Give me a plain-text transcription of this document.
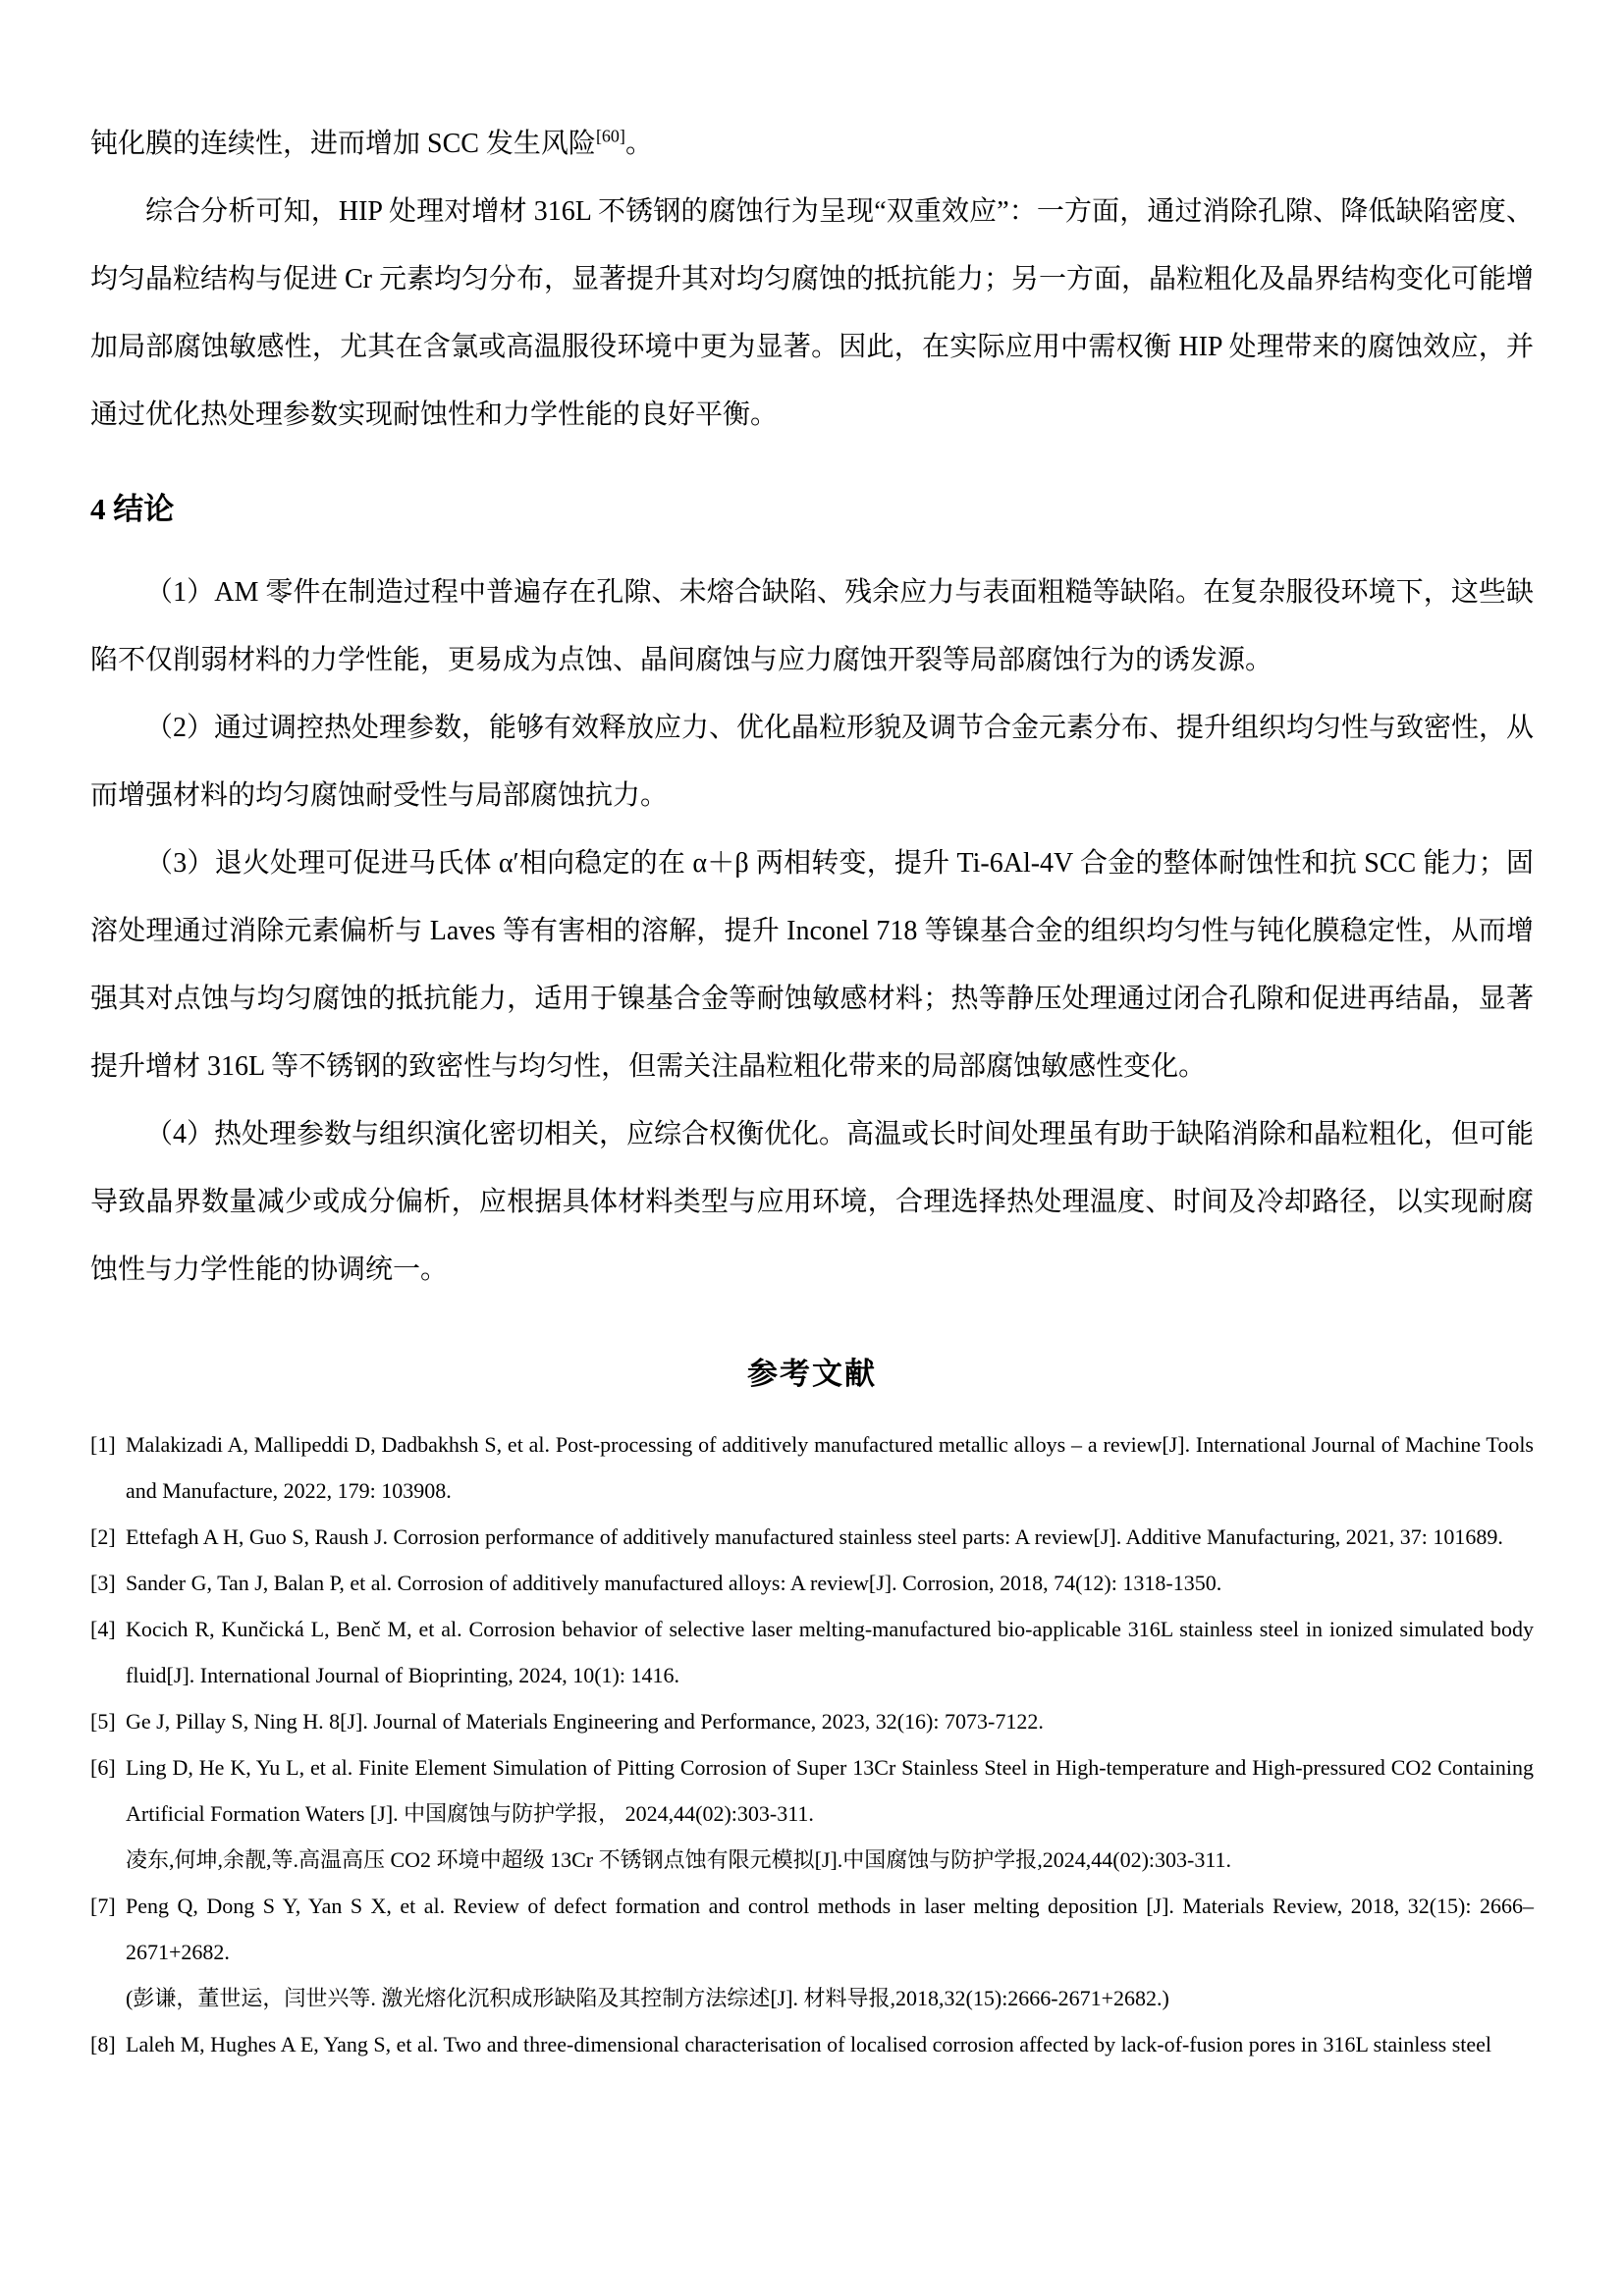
钝化膜的连续性，进而增加 SCC 发生风险[60]。

综合分析可知，HIP 处理对增材 316L 不锈钢的腐蚀行为呈现“双重效应”：一方面，通过消除孔隙、降低缺陷密度、均匀晶粒结构与促进 Cr 元素均匀分布，显著提升其对均匀腐蚀的抵抗能力；另一方面，晶粒粗化及晶界结构变化可能增加局部腐蚀敏感性，尤其在含氯或高温服役环境中更为显著。因此，在实际应用中需权衡 HIP 处理带来的腐蚀效应，并通过优化热处理参数实现耐蚀性和力学性能的良好平衡。

4 结论

（1）AM 零件在制造过程中普遍存在孔隙、未熔合缺陷、残余应力与表面粗糙等缺陷。在复杂服役环境下，这些缺陷不仅削弱材料的力学性能，更易成为点蚀、晶间腐蚀与应力腐蚀开裂等局部腐蚀行为的诱发源。

（2）通过调控热处理参数，能够有效释放应力、优化晶粒形貌及调节合金元素分布、提升组织均匀性与致密性，从而增强材料的均匀腐蚀耐受性与局部腐蚀抗力。

（3）退火处理可促进马氏体 α′相向稳定的在 α＋β 两相转变，提升 Ti-6Al-4V 合金的整体耐蚀性和抗 SCC 能力；固溶处理通过消除元素偏析与 Laves 等有害相的溶解，提升 Inconel 718 等镍基合金的组织均匀性与钝化膜稳定性，从而增强其对点蚀与均匀腐蚀的抵抗能力，适用于镍基合金等耐蚀敏感材料；热等静压处理通过闭合孔隙和促进再结晶，显著提升增材 316L 等不锈钢的致密性与均匀性，但需关注晶粒粗化带来的局部腐蚀敏感性变化。

（4）热处理参数与组织演化密切相关，应综合权衡优化。高温或长时间处理虽有助于缺陷消除和晶粒粗化，但可能导致晶界数量减少或成分偏析，应根据具体材料类型与应用环境，合理选择热处理温度、时间及冷却路径，以实现耐腐蚀性与力学性能的协调统一。

参考文献
[1] Malakizadi A, Mallipeddi D, Dadbakhsh S, et al. Post-processing of additively manufactured metallic alloys – a review[J]. International Journal of Machine Tools and Manufacture, 2022, 179: 103908.
[2] Ettefagh A H, Guo S, Raush J. Corrosion performance of additively manufactured stainless steel parts: A review[J]. Additive Manufacturing, 2021, 37: 101689.
[3] Sander G, Tan J, Balan P, et al. Corrosion of additively manufactured alloys: A review[J]. Corrosion, 2018, 74(12): 1318-1350.
[4] Kocich R, Kunčická L, Benč M, et al. Corrosion behavior of selective laser melting-manufactured bio-applicable 316L stainless steel in ionized simulated body fluid[J]. International Journal of Bioprinting, 2024, 10(1): 1416.
[5] Ge J, Pillay S, Ning H. 8[J]. Journal of Materials Engineering and Performance, 2023, 32(16): 7073-7122.
[6] Ling D, He K, Yu L, et al. Finite Element Simulation of Pitting Corrosion of Super 13Cr Stainless Steel in High-temperature and High-pressured CO2 Containing Artificial Formation Waters [J]. 中国腐蚀与防护学报， 2024,44(02):303-311.
凌东,何坤,余靓,等.高温高压 CO2 环境中超级 13Cr 不锈钢点蚀有限元模拟[J].中国腐蚀与防护学报,2024,44(02):303-311.
[7] Peng Q, Dong S Y, Yan S X, et al. Review of defect formation and control methods in laser melting deposition [J]. Materials Review, 2018, 32(15): 2666–2671+2682.
(彭谦，董世运，闫世兴等. 激光熔化沉积成形缺陷及其控制方法综述[J]. 材料导报,2018,32(15):2666-2671+2682.)
[8] Laleh M, Hughes A E, Yang S, et al. Two and three-dimensional characterisation of localised corrosion affected by lack-of-fusion pores in 316L stainless steel
